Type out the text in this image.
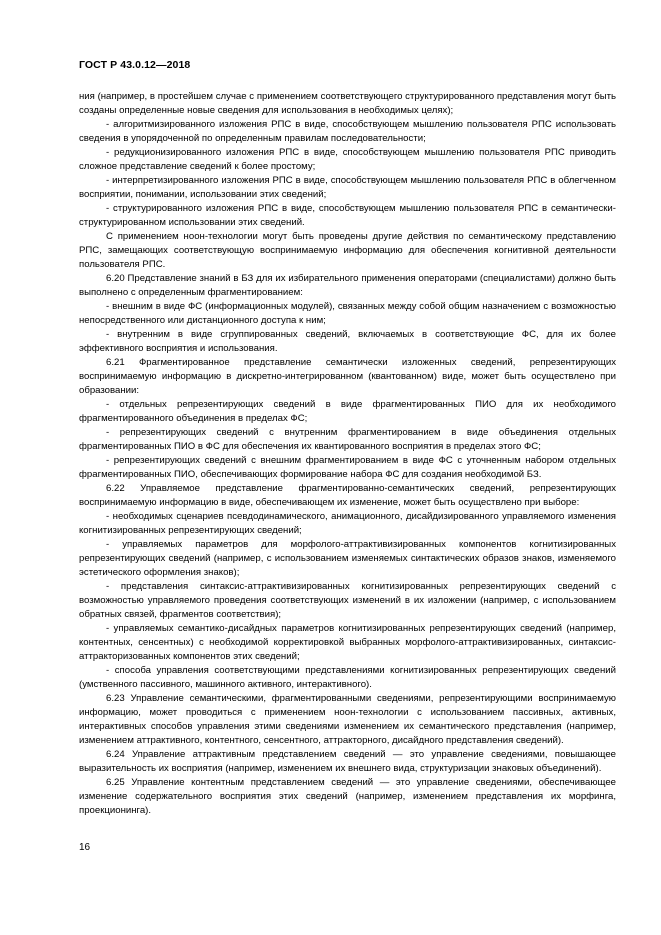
ГОСТ Р 43.0.12—2018

ния (например, в простейшем случае с применением соответствующего структурированного представления могут быть созданы определенные новые сведения для использования в необходимых целях);

- алгоритмизированного изложения РПС в виде, способствующем мышлению пользователя РПС использовать сведения в упорядоченной по определенным правилам последовательности;

- редукционизированного изложения РПС в виде, способствующем мышлению пользователя РПС приводить сложное представление сведений к более простому;

- интерпретизированного изложения РПС в виде, способствующем мышлению пользователя РПС в облегченном восприятии, понимании, использовании этих сведений;

- структурированного изложения РПС в виде, способствующем мышлению пользователя РПС в семантически-структурированном использовании этих сведений.

С применением ноон-технологии могут быть проведены другие действия по семантическому представлению РПС, замещающих соответствующую воспринимаемую информацию для обеспечения когнитивной деятельности пользователя РПС.

6.20 Представление знаний в БЗ для их избирательного применения операторами (специалистами) должно быть выполнено с определенным фрагментированием:

- внешним в виде ФС (информационных модулей), связанных между собой общим назначением с возможностью непосредственного или дистанционного доступа к ним;

- внутренним в виде сгруппированных сведений, включаемых в соответствующие ФС, для их более эффективного восприятия и использования.

6.21 Фрагментированное представление семантически изложенных сведений, репрезентирующих воспринимаемую информацию в дискретно-интегрированном (квантованном) виде, может быть осуществлено при образовании:

- отдельных репрезентирующих сведений в виде фрагментированных ПИО для их необходимого фрагментированного объединения в пределах ФС;

- репрезентирующих сведений с внутренним фрагментированием в виде объединения отдельных фрагментированных ПИО в ФС для обеспечения их квантированного восприятия в пределах этого ФС;

- репрезентирующих сведений с внешним фрагментированием в виде ФС с уточненным набором отдельных фрагментированных ПИО, обеспечивающих формирование набора ФС для создания необходимой БЗ.

6.22 Управляемое представление фрагментированно-семантических сведений, репрезентирующих воспринимаемую информацию в виде, обеспечивающем их изменение, может быть осуществлено при выборе:

- необходимых сценариев псевдодинамического, анимационного, дисайдизированного управляемого изменения когнитизированных репрезентирующих сведений;

- управляемых параметров для морфолого-аттрактивизированных компонентов когнитизированных репрезентирующих сведений (например, с использованием изменяемых синтактических образов знаков, изменяемого эстетического оформления знаков);

- представления синтаксис-аттрактивизированных когнитизированных репрезентирующих сведений с возможностью управляемого проведения соответствующих изменений в их изложении (например, с использованием обратных связей, фрагментов соответствия);

- управляемых семантико-дисайдных параметров когнитизированных репрезентирующих сведений (например, контентных, сенсентных) с необходимой корректировкой выбранных морфолого-аттрактивизированных, синтаксис- аттракторизованных компонентов этих сведений;

- способа управления соответствующими представлениями когнитизированных репрезентирующих сведений (умственного пассивного, машинного активного, интерактивного).

6.23 Управление семантическими, фрагментированными сведениями, репрезентирующими воспринимаемую информацию, может проводиться с применением ноон-технологии с использованием пассивных, активных, интерактивных способов управления этими сведениями изменением их семантического представления (например, изменением аттрактивного, контентного, сенсентного, аттракторного, дисайдного представления сведений).

6.24 Управление аттрактивным представлением сведений — это управление сведениями, повышающее выразительность их восприятия (например, изменением их внешнего вида, структуризации знаковых объединений).

6.25 Управление контентным представлением сведений — это управление сведениями, обеспечивающее изменение содержательного восприятия этих сведений (например, изменением представления их морфинга, проекционинга).

16
